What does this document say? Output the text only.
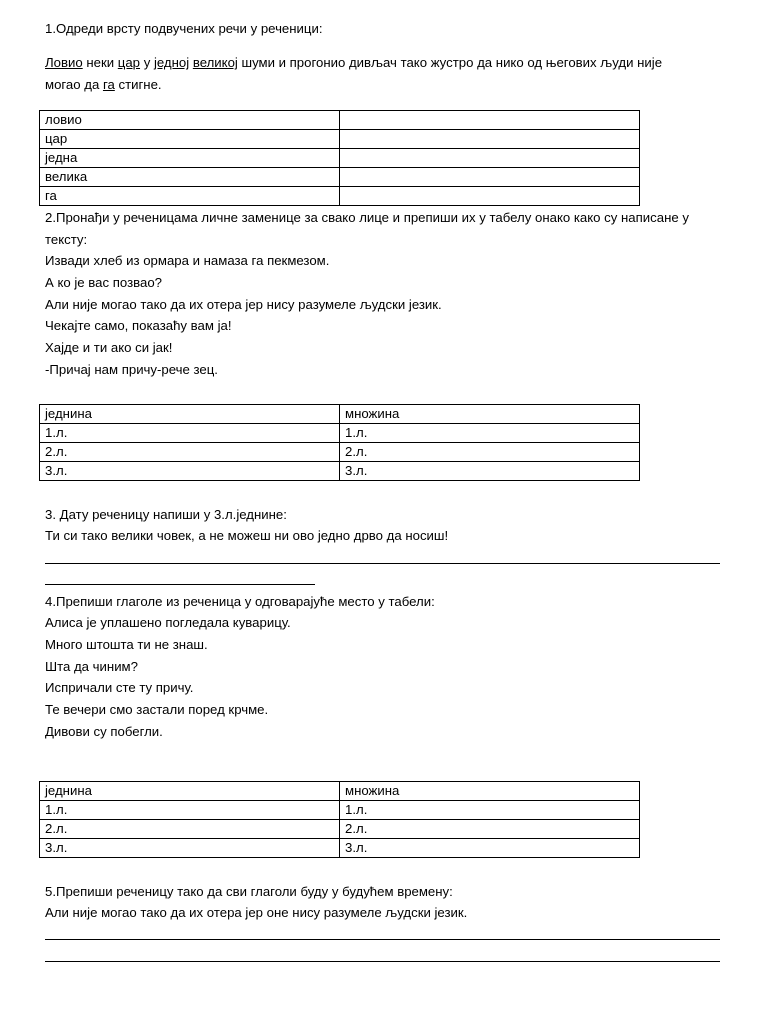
1.Одреди врсту подвучених речи у реченици:
Ловио неки цар у једној великој шуми и прогонио дивљач тако жустро да нико од његових људи није
могао да га стигне.
ловио	
цар	
једна	
велика	
га	
2.Пронађи у реченицама личне заменице за свако лице и препиши их у табелу онако како су написане у
тексту:
Извади хлеб из ормара и намаза га пекмезом.
А ко је вас позвао?
Али није могао тако да их отера јер нису разумеле људски језик.
Чекајте само, показаћу вам ја!
Хајде и ти ако си јак!
-Причај нам причу-рече зец.
једнина	множина
1.л.	1.л.
2.л.	2.л.
3.л.	3.л.
3. Дату реченицу напиши у 3.л.једнине:
Ти си тако велики човек, а не можеш ни ово једно дрво да носиш!
4.Препиши глаголе из реченица у одговарајуће место у табели:
Алиса је уплашено погледала куварицу.
Много штошта ти не знаш.
Шта да чиним?
Испричали сте ту причу.
Те вечери смо застали поред крчме.
Дивови су побегли.
једнина	множина
1.л.	1.л.
2.л.	2.л.
3.л.	3.л.
5.Препиши реченицу тако да сви глаголи буду у будућем времену:
Али није могао тако да их отера јер оне нису разумеле људски језик.
